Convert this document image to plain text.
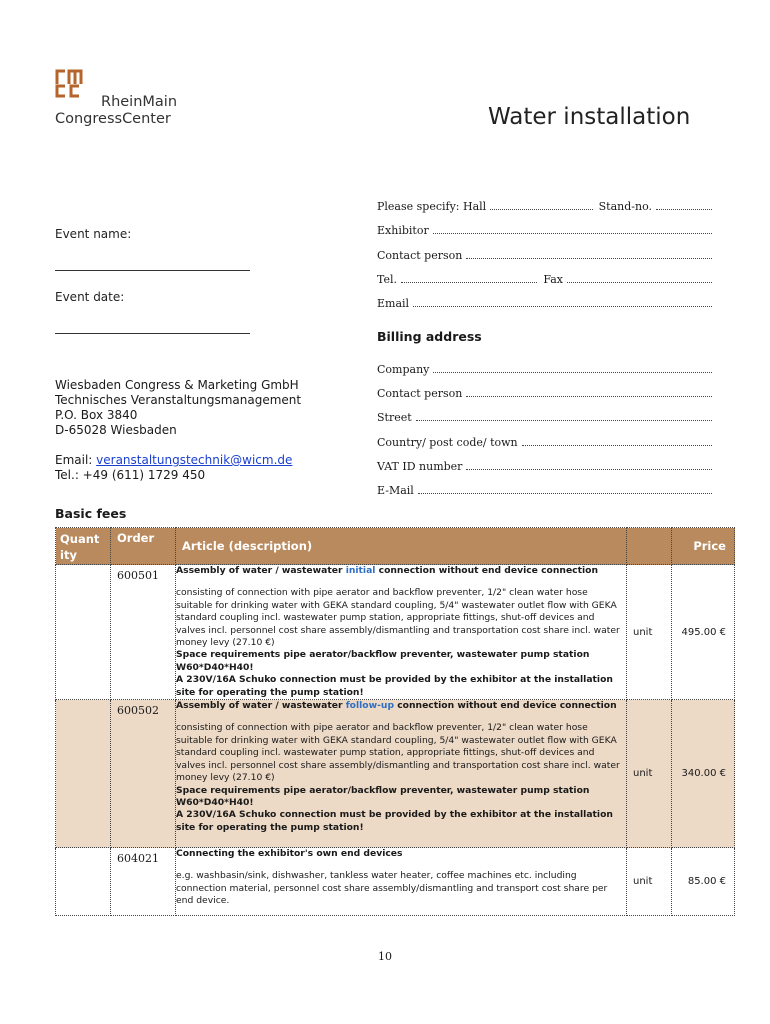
RheinMain
CongressCenter	Water installation
Event name:
Event date:
Wiesbaden Congress & Marketing GmbH
Technisches Veranstaltungsmanagement
P.O. Box 3840
D-65028 Wiesbaden
Email: veranstaltungstechnik@wicm.de
Tel.: +49 (611) 1729 450
Please specify: Hall	Stand-no.
Exhibitor
Contact person
Tel.	Fax
Email
Company
Contact person
Street
Country/ post code/ town
VAT ID number
E-Mail
Billing address
Basic fees
Quant ity	Order	Article (description)		Price
	600501	Assembly of water / wastewater initial connection without end device connection

consisting of connection with pipe aerator and backflow preventer, 1/2" clean water hose suitable for drinking water with GEKA standard coupling, 5/4" wastewater outlet flow with GEKA standard coupling incl. wastewater pump station, appropriate fittings, shut-off devices and valves incl. personnel cost share assembly/dismantling and transportation cost share incl. water money levy (27.10 €)

Space requirements pipe aerator/backflow preventer, wastewater pump station W60*D40*H40!

A 230V/16A Schuko connection must be provided by the exhibitor at the installation site for operating the pump station!	unit	495.00 €
	600502	Assembly of water / wastewater follow-up connection without end device connection

consisting of connection with pipe aerator and backflow preventer, 1/2" clean water hose suitable for drinking water with GEKA standard coupling, 5/4" wastewater outlet flow with GEKA standard coupling incl. wastewater pump station, appropriate fittings, shut-off devices and valves incl. personnel cost share assembly/dismantling and transportation cost share incl. water money levy (27.10 €)

Space requirements pipe aerator/backflow preventer, wastewater pump station W60*D40*H40!

A 230V/16A Schuko connection must be provided by the exhibitor at the installation site for operating the pump station!	unit	340.00 €
	604021	Connecting the exhibitor's own end devices

e.g. washbasin/sink, dishwasher, tankless water heater, coffee machines etc. including connection material, personnel cost share assembly/dismantling and transport cost share per end device.	unit	85.00 €
10
